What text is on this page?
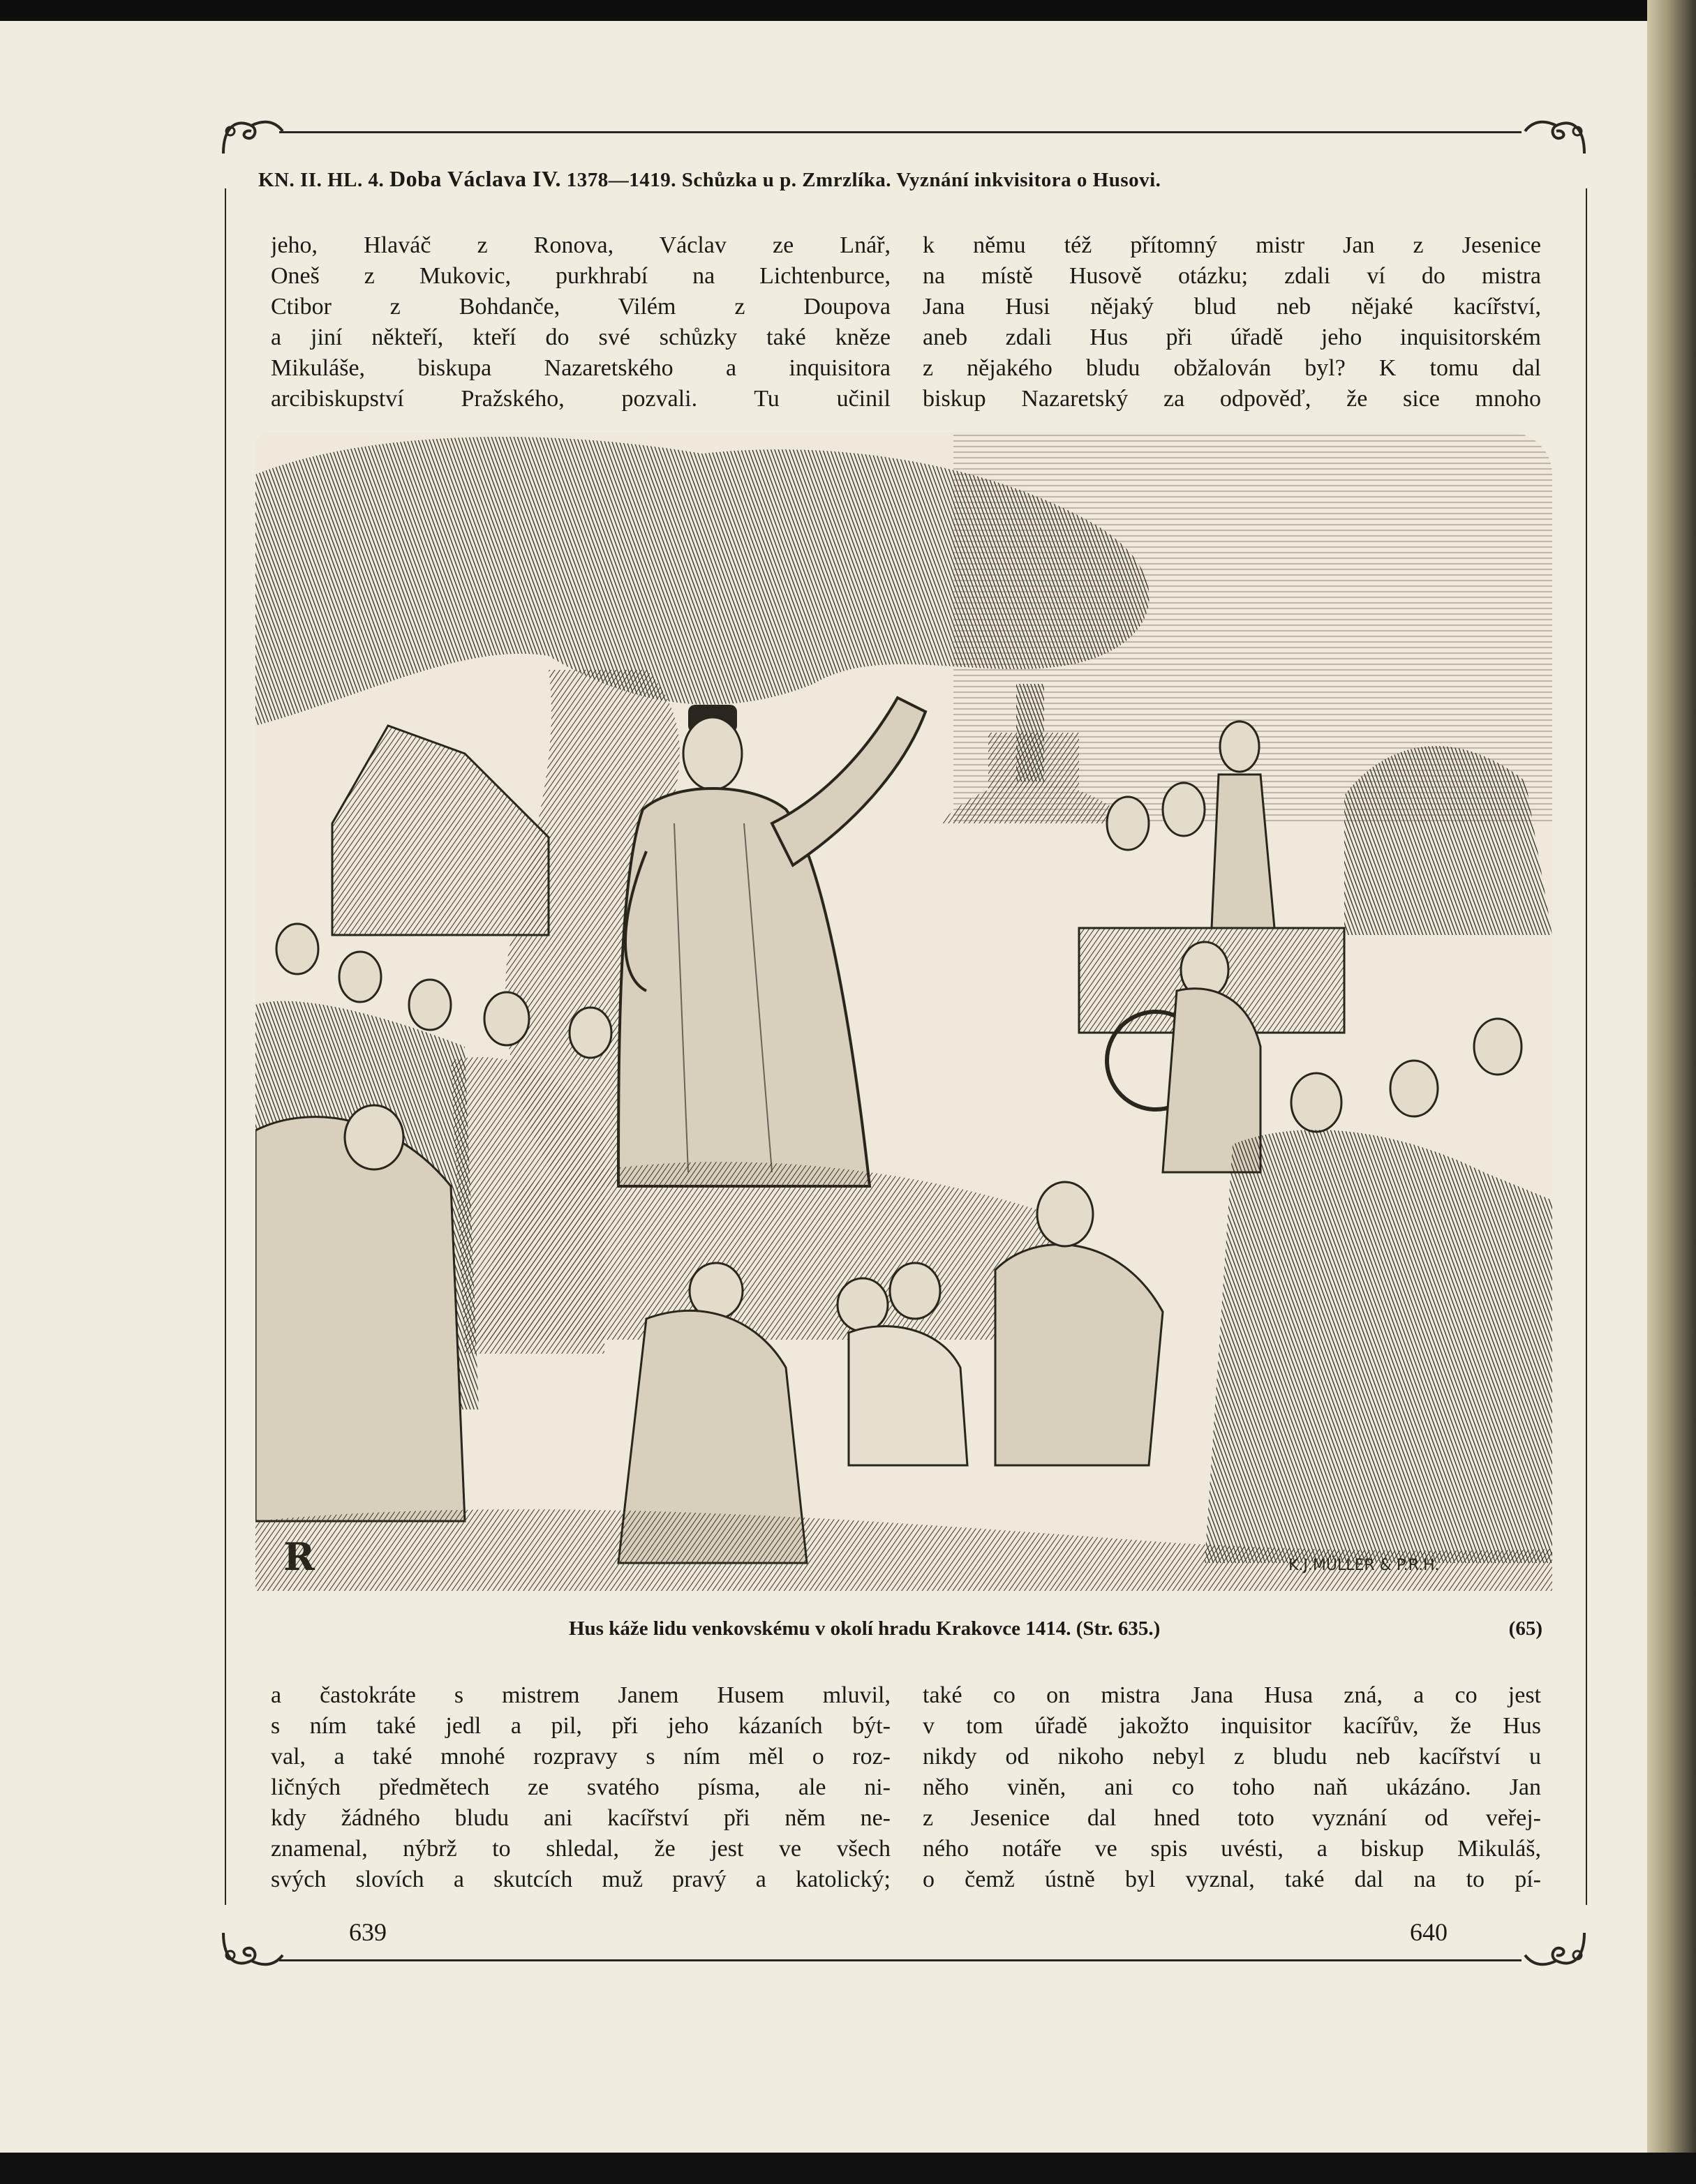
KN. II. HL. 4. Doba Václava IV. 1378—1419. Schůzka u p. Zmrzlíka. Vyznání inkvisitora o Husovi.

jeho, Hlaváč z Ronova, Václav ze Lnář,

Oneš z Mukovic, purkhrabí na Lichtenburce,

Ctibor z Bohdanče, Vilém z Doupova

a jiní někteří, kteří do své schůzky také kněze

Mikuláše, biskupa Nazaretského a inquisitora

arcibiskupství Pražského, pozvali. Tu učinil

k němu též přítomný mistr Jan z Jesenice

na místě Husově otázku; zdali ví do mistra

Jana Husi nějaký blud neb nějaké kacířství,

aneb zdali Hus při úřadě jeho inquisitorském

z nějakého bludu obžalován byl? K tomu dal

biskup Nazaretský za odpověď, že sice mnoho

R	K.J.MÜLLER & P.R.H.
Hus káže lidu venkovskému v okolí hradu Krakovce 1414. (Str. 635.)	(65)

a častokráte s mistrem Janem Husem mluvil,

s ním také jedl a pil, při jeho kázaních být-

val, a také mnohé rozpravy s ním měl o roz-

ličných předmětech ze svatého písma, ale ni-

kdy žádného bludu ani kacířství při něm ne-

znamenal, nýbrž to shledal, že jest ve všech

svých slovích a skutcích muž pravý a katolický;

také co on mistra Jana Husa zná, a co jest

v tom úřadě jakožto inquisitor kacířův, že Hus

nikdy od nikoho nebyl z bludu neb kacířství u

něho viněn, ani co toho naň ukázáno. Jan

z Jesenice dal hned toto vyznání od veřej-

ného notáře ve spis uvésti, a biskup Mikuláš,

o čemž ústně byl vyznal, také dal na to pí-

639	640
